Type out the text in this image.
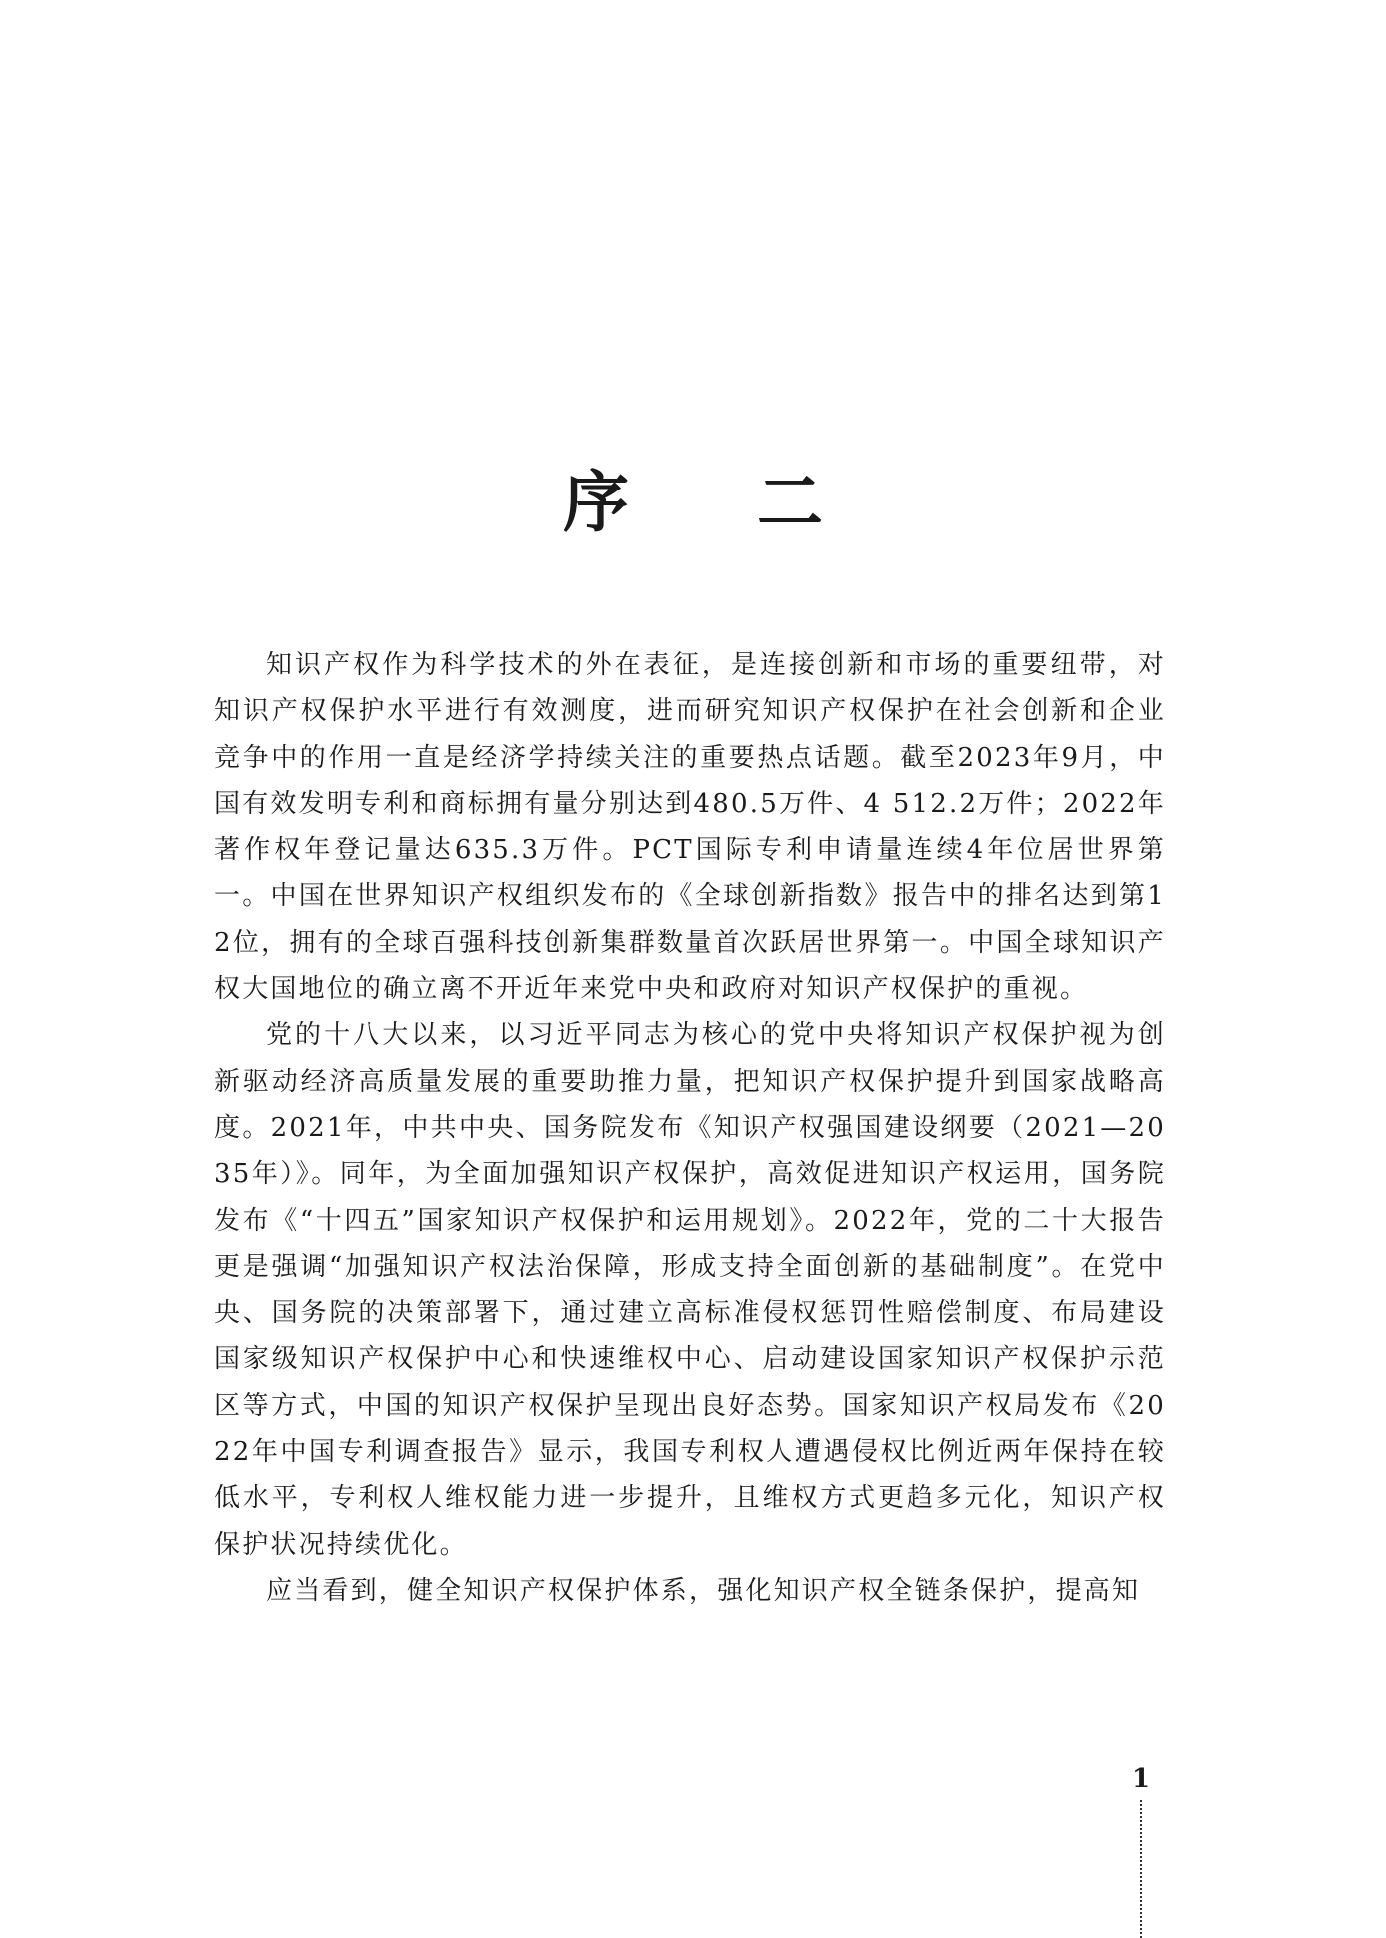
序 二

知识产权作为科学技术的外在表征，是连接创新和市场的重要纽带，对知识产权保护水平进行有效测度，进而研究知识产权保护在社会创新和企业竞争中的作用一直是经济学持续关注的重要热点话题。截至2023年9月，中国有效发明专利和商标拥有量分别达到480.5万件、4 512.2万件；2022年著作权年登记量达635.3万件。PCT国际专利申请量连续4年位居世界第一。中国在世界知识产权组织发布的《全球创新指数》报告中的排名达到第12位，拥有的全球百强科技创新集群数量首次跃居世界第一。中国全球知识产权大国地位的确立离不开近年来党中央和政府对知识产权保护的重视。

党的十八大以来，以习近平同志为核心的党中央将知识产权保护视为创新驱动经济高质量发展的重要助推力量，把知识产权保护提升到国家战略高度。2021年，中共中央、国务院发布《知识产权强国建设纲要（2021—2035年）》。同年，为全面加强知识产权保护，高效促进知识产权运用，国务院发布《“十四五”国家知识产权保护和运用规划》。2022年，党的二十大报告更是强调“加强知识产权法治保障，形成支持全面创新的基础制度”。在党中央、国务院的决策部署下，通过建立高标准侵权惩罚性赔偿制度、布局建设国家级知识产权保护中心和快速维权中心、启动建设国家知识产权保护示范区等方式，中国的知识产权保护呈现出良好态势。国家知识产权局发布《2022年中国专利调查报告》显示，我国专利权人遭遇侵权比例近两年保持在较低水平，专利权人维权能力进一步提升，且维权方式更趋多元化，知识产权保护状况持续优化。

应当看到，健全知识产权保护体系，强化知识产权全链条保护，提高知

1
